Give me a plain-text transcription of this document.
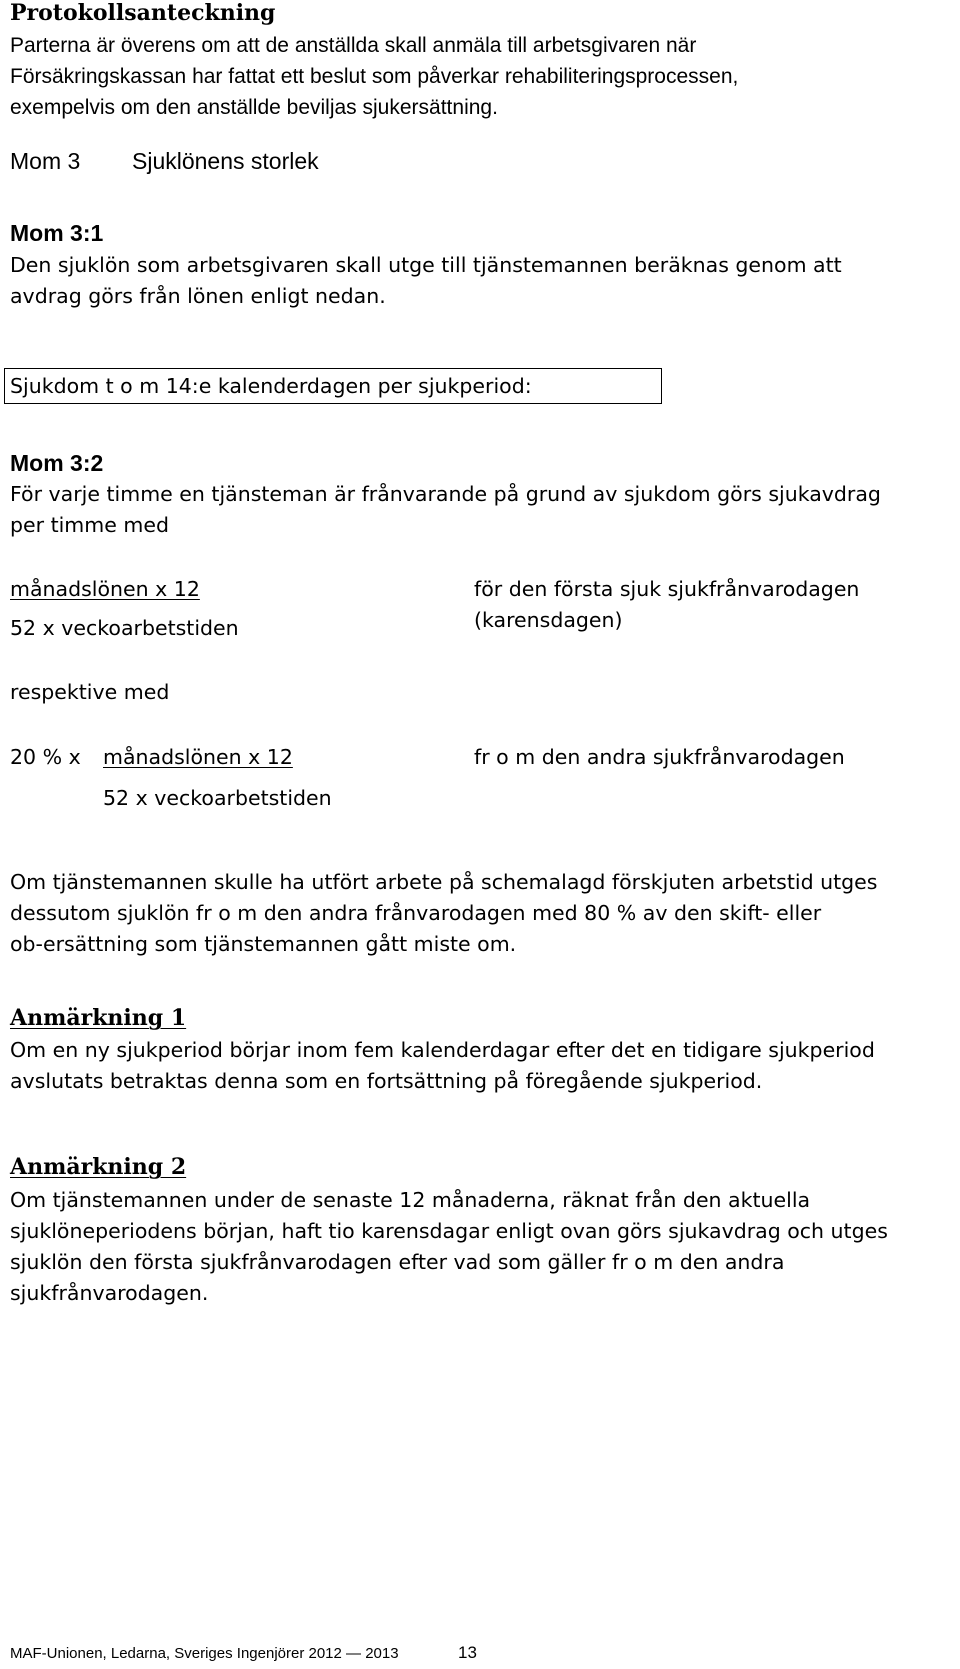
Protokollsanteckning
Parterna är överens om att de anställda skall anmäla till arbetsgivaren när
Försäkringskassan har fattat ett beslut som påverkar rehabiliteringsprocessen,
exempelvis om den anställde beviljas sjukersättning.
Mom 3 Sjuklönens storlek
Mom 3:1
Den sjuklön som arbetsgivaren skall utge till tjänstemannen beräknas genom att
avdrag görs från lönen enligt nedan.
Sjukdom t o m 14:e kalenderdagen per sjukperiod:
Mom 3:2
För varje timme en tjänsteman är frånvarande på grund av sjukdom görs sjukavdrag
per timme med
månadslönen x 12
52 x veckoarbetstiden
för den första sjuk sjukfrånvarodagen
(karensdagen)
respektive med
20 % x månadslönen x 12
52 x veckoarbetstiden
fr o m den andra sjukfrånvarodagen
Om tjänstemannen skulle ha utfört arbete på schemalagd förskjuten arbetstid utges
dessutom sjuklön fr o m den andra frånvarodagen med 80 % av den skift- eller
ob-ersättning som tjänstemannen gått miste om.
Anmärkning 1
Om en ny sjukperiod börjar inom fem kalenderdagar efter det en tidigare sjukperiod
avslutats betraktas denna som en fortsättning på föregående sjukperiod.
Anmärkning 2
Om tjänstemannen under de senaste 12 månaderna, räknat från den aktuella
sjuklöneperiodens början, haft tio karensdagar enligt ovan görs sjukavdrag och utges
sjuklön den första sjukfrånvarodagen efter vad som gäller fr o m den andra
sjukfrånvarodagen.
MAF-Unionen, Ledarna, Sveriges Ingenjörer 2012 — 2013	13
